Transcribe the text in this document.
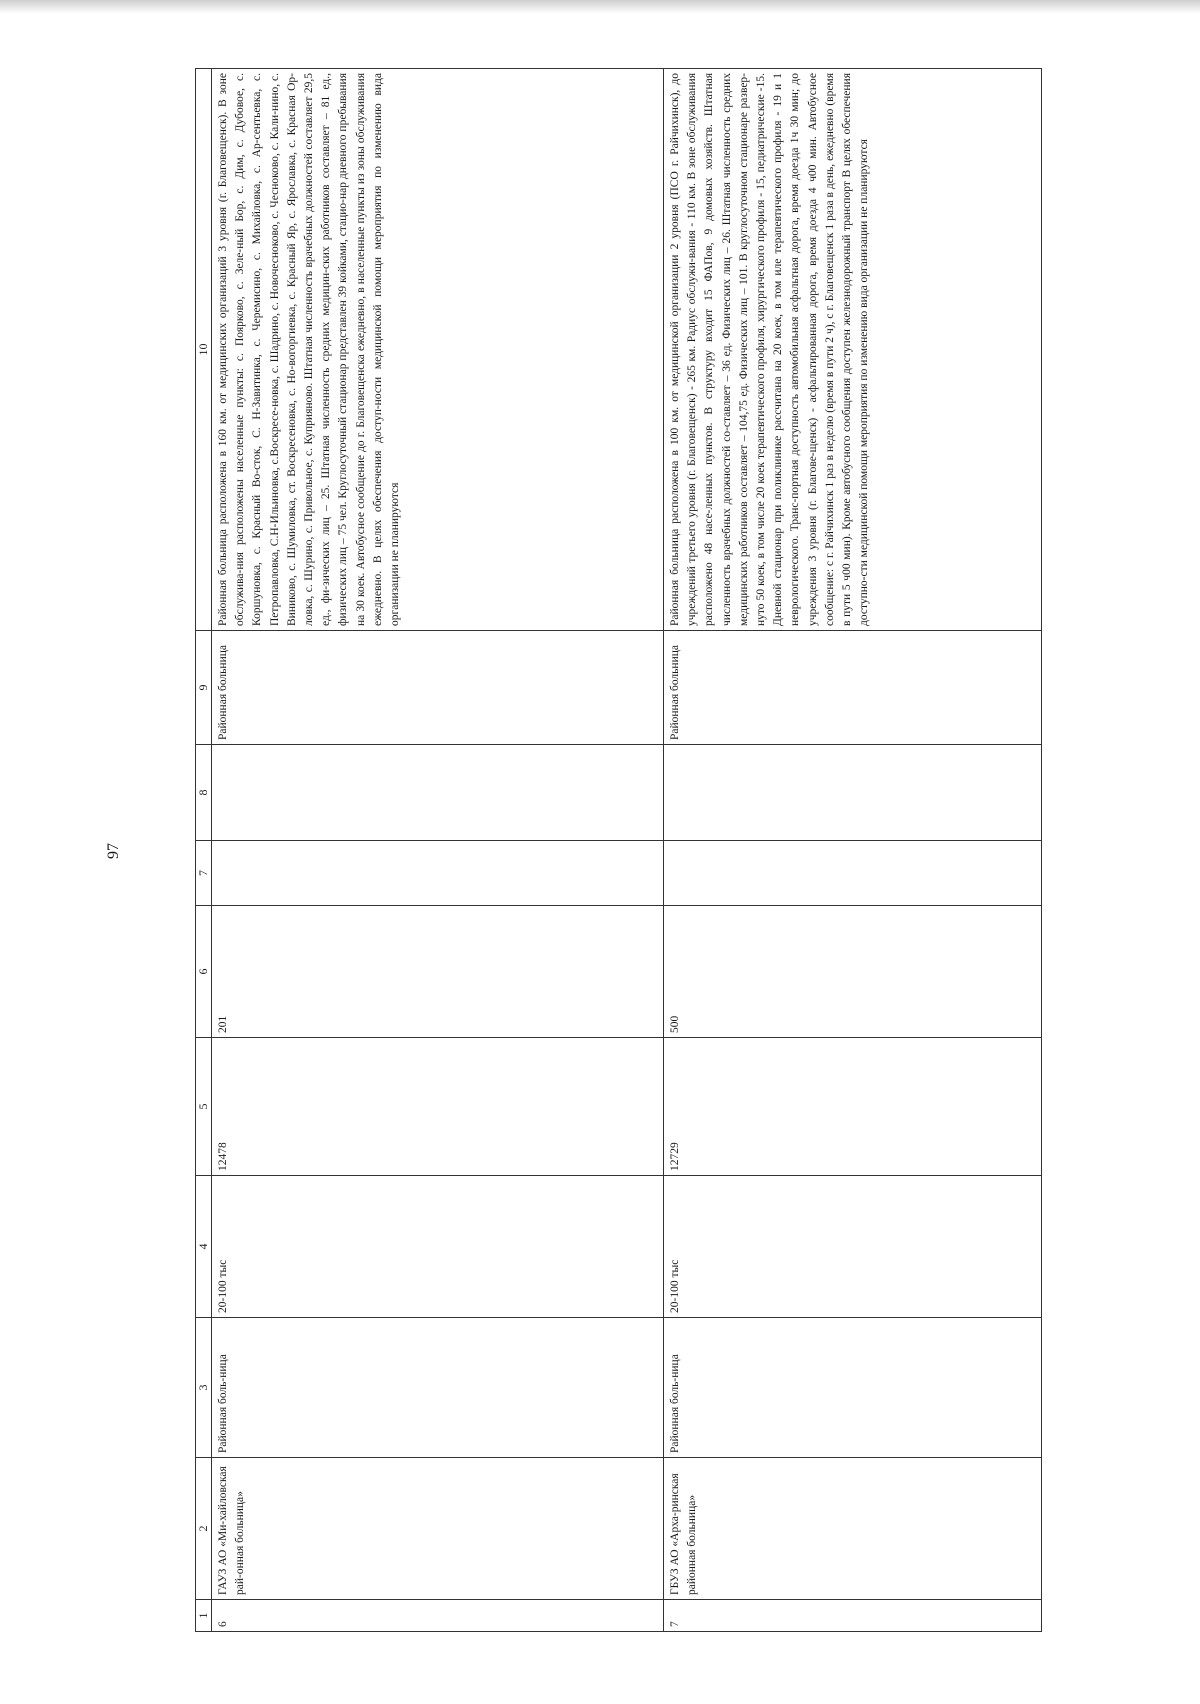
97
1	2	3	4	5	6	7	8	9	10
6	ГАУЗ АО «Ми-хайловская рай-онная больница»	Районная боль-ница	20-100 тыс	12478	201			Районная больница	Районная больница расположена в 160 км. от медицинских организаций 3 уровня (г. Благовещенск). В зоне обслужива-ния расположены населенные пункты: с. Поярково, с. Зеле-ный Бор, с. Дим, с. Дубовое, с. Коршуновка, с. Красный Во-сток, С. Н-Завитинка, с. Черемисино, с. Михайловка, с. Ар-сентьевка, с. Петропавловка, С.Н-Ильиновка, с.Воскресе-новка, с. Шадрино, с. Новочесноково, с. Чесноково, с. Кали-нино, с. Виниково, с. Шумиловка, ст. Воскресеновка, с. Но-вогоргиевка, с. Красный Яр, с. Ярославка, с. Красная Ор-ловка, с. Шурино, с. Привольное, с. Куприяново. Штатная численность врачебных должностей составляет 29,5 ед., фи-зических лиц – 25. Штатная численность средних медицин-ских работников составляет – 81 ед., физических лиц – 75 чел. Круглосуточный стационар представлен 39 койками, стацио-нар дневного пребывания на 30 коек. Автобусное сообщение до г. Благовещенска ежедневно, в населенные пункты из зоны обслуживания ежедневно. В целях обеспечения доступ-ности медицинской помощи мероприятия по изменению вида организации не планируются
7	ГБУЗ АО «Арха-ринская районная больница»	Районная боль-ница	20-100 тыс	12729	500			Районная больница	Районная больница расположена в 100 км. от медицинской организации 2 уровня (ПСО г. Райчихинск), до учреждений третьего уровня (г. Благовещенск) - 265 км. Радиус обслужи-вания - 110 км. В зоне обслуживания расположено 48 насе-ленных пунктов. В структуру входит 15 ФАПов, 9 домовых хозяйств. Штатная численность врачебных должностей со-ставляет – 36 ед. Физических лиц – 26. Штатная численность средних медицинских работников составляет – 104,75 ед. Физических лиц – 101. В круглосуточном стационаре развер-нуто 50 коек, в том числе 20 коек терапевтического профиля, хирургического профиля - 15, педиатрические -15. Дневной стационар при поликлинике рассчитана на 20 коек, в том иле терапевтического профиля - 19 и 1 неврологического. Транс-портная доступность автомобильная асфальтная дорога, время доезда 1ч 30 мин; до учреждения 3 уровня (г. Благове-щенск) - асфальтированная дорога, время доезда 4 ч00 мин. Автобусное сообщение: с г. Райчихинск 1 раз в неделю (время в пути 2 ч), с г. Благовещенск 1 раза в день, ежедневно (время в пути 5 ч00 мин). Кроме автобусного сообщения доступен железнодорожный транспорт В целях обеспечения доступно-сти медицинской помощи мероприятия по изменению вида организации не планируются
